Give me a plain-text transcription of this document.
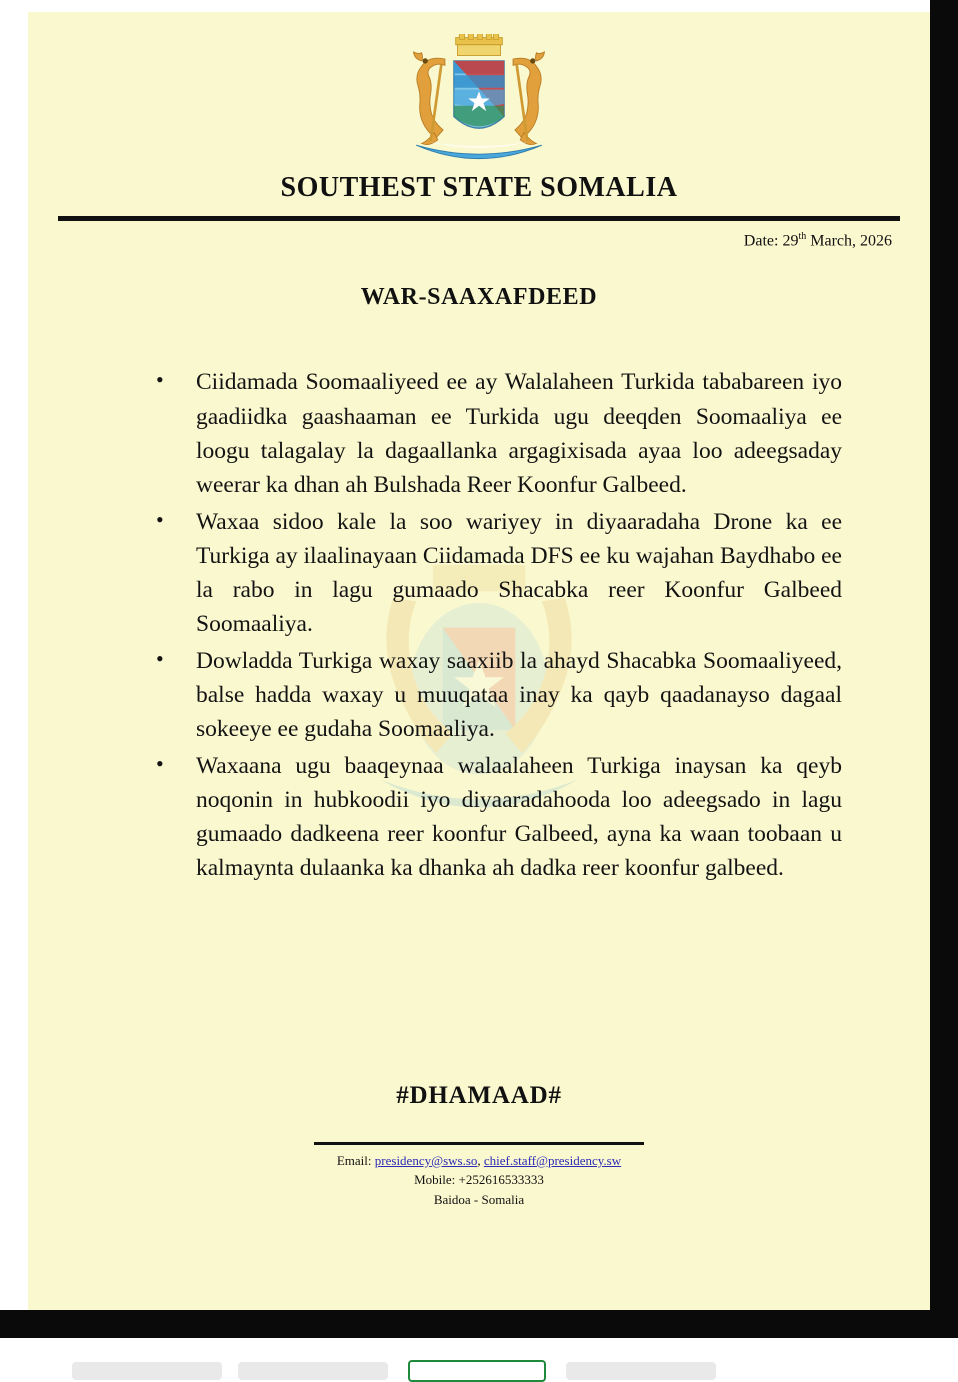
SOUTHEST STATE SOMALIA
Date: 29th March, 2026
WAR-SAAXAFDEED
• Ciidamada Soomaaliyeed ee ay Walalaheen Turkida tababareen iyo gaadiidka gaashaaman ee Turkida ugu deeqden Soomaaliya ee loogu talagalay la dagaallanka argagixisada ayaa loo adeegsaday weerar ka dhan ah Bulshada Reer Koonfur Galbeed.
• Waxaa sidoo kale la soo wariyey in diyaaradaha Drone ka ee Turkiga ay ilaalinayaan Ciidamada DFS ee ku wajahan Baydhabo ee la rabo in lagu gumaado Shacabka reer Koonfur Galbeed Soomaaliya.
• Dowladda Turkiga waxay saaxiib la ahayd Shacabka Soomaaliyeed, balse hadda waxay u muuqataa inay ka qayb qaadanayso dagaal sokeeye ee gudaha Soomaaliya.
• Waxaana ugu baaqeynaa walaalaheen Turkiga inaysan ka qeyb noqonin in hubkoodii iyo diyaaradahooda loo adeegsado in lagu gumaado dadkeena reer koonfur Galbeed, ayna ka waan toobaan u kalmaynta dulaanka ka dhanka ah dadka reer koonfur galbeed.
#DHAMAAD#
Email: presidency@sws.so, chief.staff@presidency.sw
Mobile: +252616533333
Baidoa - Somalia
